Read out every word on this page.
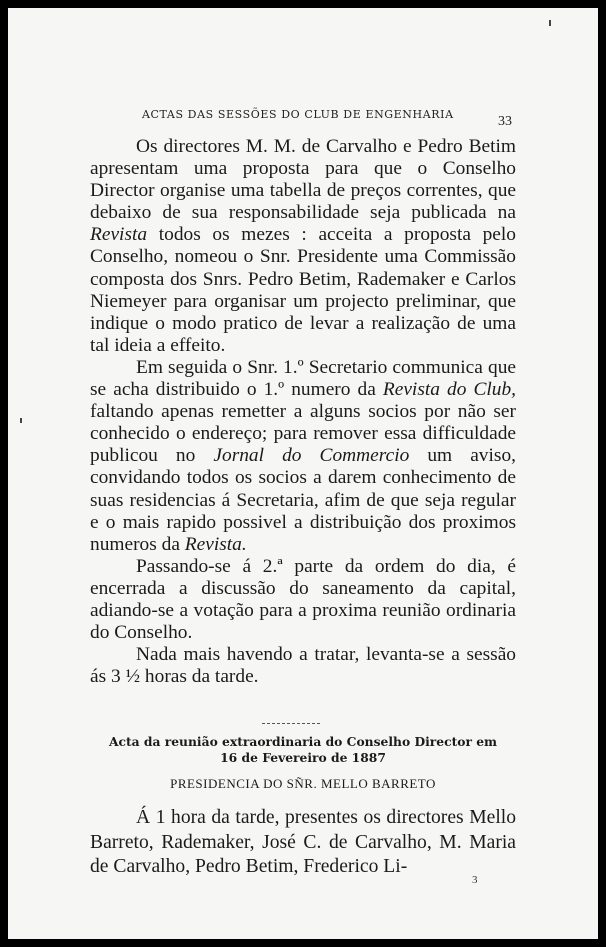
ACTAS DAS SESSÕES DO CLUB DE ENGENHARIA	33

Os directores M. M. de Carvalho e Pedro Betim apresentam uma proposta para que o Conselho Director organise uma tabella de preços correntes, que debaixo de sua responsabilidade seja publicada na Revista todos os mezes : acceita a proposta pelo Conselho, nomeou o Snr. Presidente uma Commissão composta dos Snrs. Pedro Betim, Rademaker e Carlos Niemeyer para organisar um projecto preliminar, que indique o modo pratico de levar a realização de uma tal ideia a effeito.

Em seguida o Snr. 1.º Secretario communica que se acha distribuido o 1.º numero da Revista do Club, faltando apenas remetter a alguns socios por não ser conhecido o endereço; para remover essa difficuldade publicou no Jornal do Commercio um aviso, convidando todos os socios a darem conhecimento de suas residencias á Secretaria, afim de que seja regular e o mais rapido possivel a distribuição dos proximos numeros da Revista.

Passando-se á 2.ª parte da ordem do dia, é encerrada a discussão do saneamento da capital, adiando-se a votação para a proxima reunião ordinaria do Conselho.

Nada mais havendo a tratar, levanta-se a sessão ás 3 ½ horas da tarde.

Acta da reunião extraordinaria do Conselho Director em
16 de Fevereiro de 1887
PRESIDENCIA DO SÑR. MELLO BARRETO

Á 1 hora da tarde, presentes os directores Mello Barreto, Rademaker, José C. de Carvalho, M. Maria de Carvalho, Pedro Betim, Frederico Li-

3
